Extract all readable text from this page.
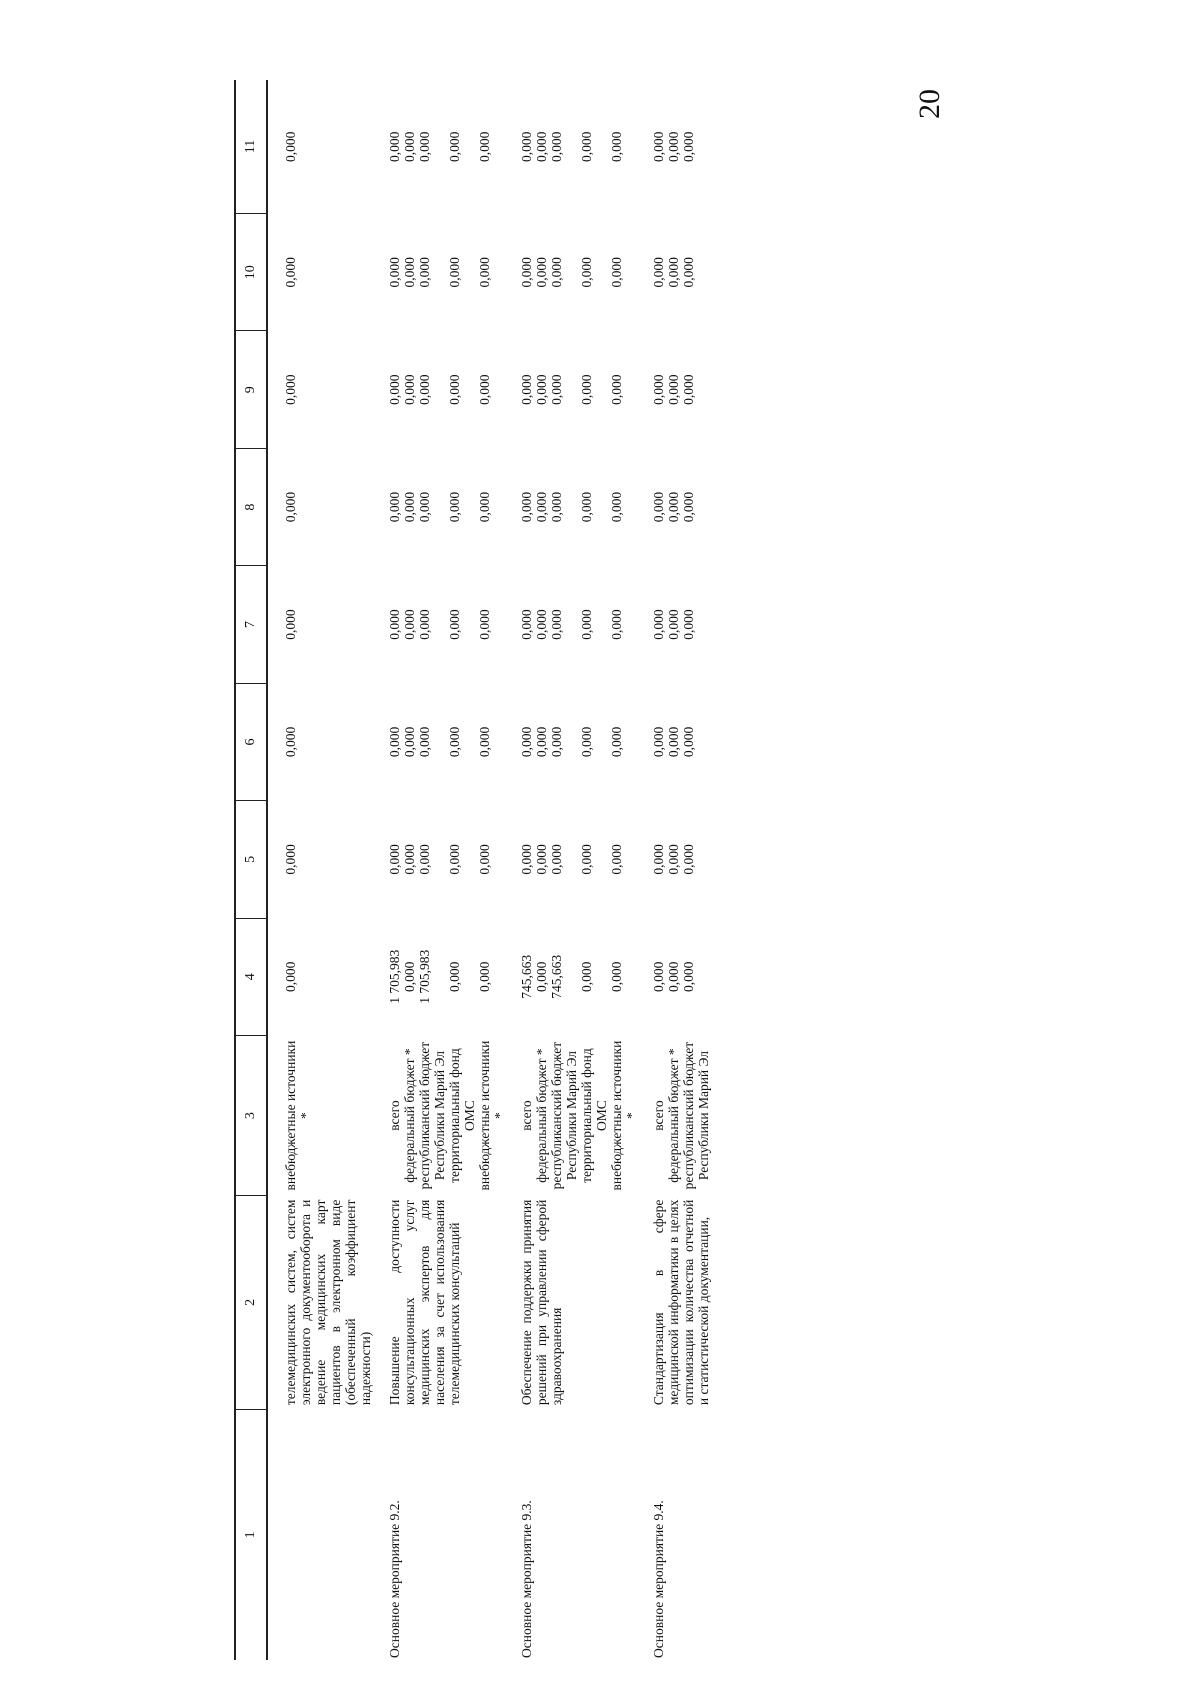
20
1	2	3	4	5	6	7	8	9	10	11

	телемедицинских систем, систем электронного документооборота и ведение медицинских карт пациентов в электронном виде (обеспеченный коэффициент надежности)	внебюджетные источники *	0,000	0,000	0,000	0,000	0,000	0,000	0,000	0,000

Основное мероприятие 9.2.	Повышение доступности консультационных услуг медицинских экспертов для населения за счет использования телемедицинских консультаций	всего	1 705,983	0,000	0,000	0,000	0,000	0,000	0,000	0,000
		федеральный бюджет *	0,000	0,000	0,000	0,000	0,000	0,000	0,000	0,000
		республиканский бюджет Республики Марий Эл	1 705,983	0,000	0,000	0,000	0,000	0,000	0,000	0,000
		территориальный фонд ОМС	0,000	0,000	0,000	0,000	0,000	0,000	0,000	0,000
		внебюджетные источники *	0,000	0,000	0,000	0,000	0,000	0,000	0,000	0,000

Основное мероприятие 9.3.	Обеспечение поддержки принятия решений при управлении сферой здравоохранения	всего	745,663	0,000	0,000	0,000	0,000	0,000	0,000	0,000
		федеральный бюджет *	0,000	0,000	0,000	0,000	0,000	0,000	0,000	0,000
		республиканский бюджет Республики Марий Эл	745,663	0,000	0,000	0,000	0,000	0,000	0,000	0,000
		территориальный фонд ОМС	0,000	0,000	0,000	0,000	0,000	0,000	0,000	0,000
		внебюджетные источники *	0,000	0,000	0,000	0,000	0,000	0,000	0,000	0,000

Основное мероприятие 9.4.	Стандартизация в сфере медицинской информатики в целях оптимизации количества отчетной и статистической документации,	всего	0,000	0,000	0,000	0,000	0,000	0,000	0,000	0,000
		федеральный бюджет *	0,000	0,000	0,000	0,000	0,000	0,000	0,000	0,000
		республиканский бюджет Республики Марий Эл	0,000	0,000	0,000	0,000	0,000	0,000	0,000	0,000
